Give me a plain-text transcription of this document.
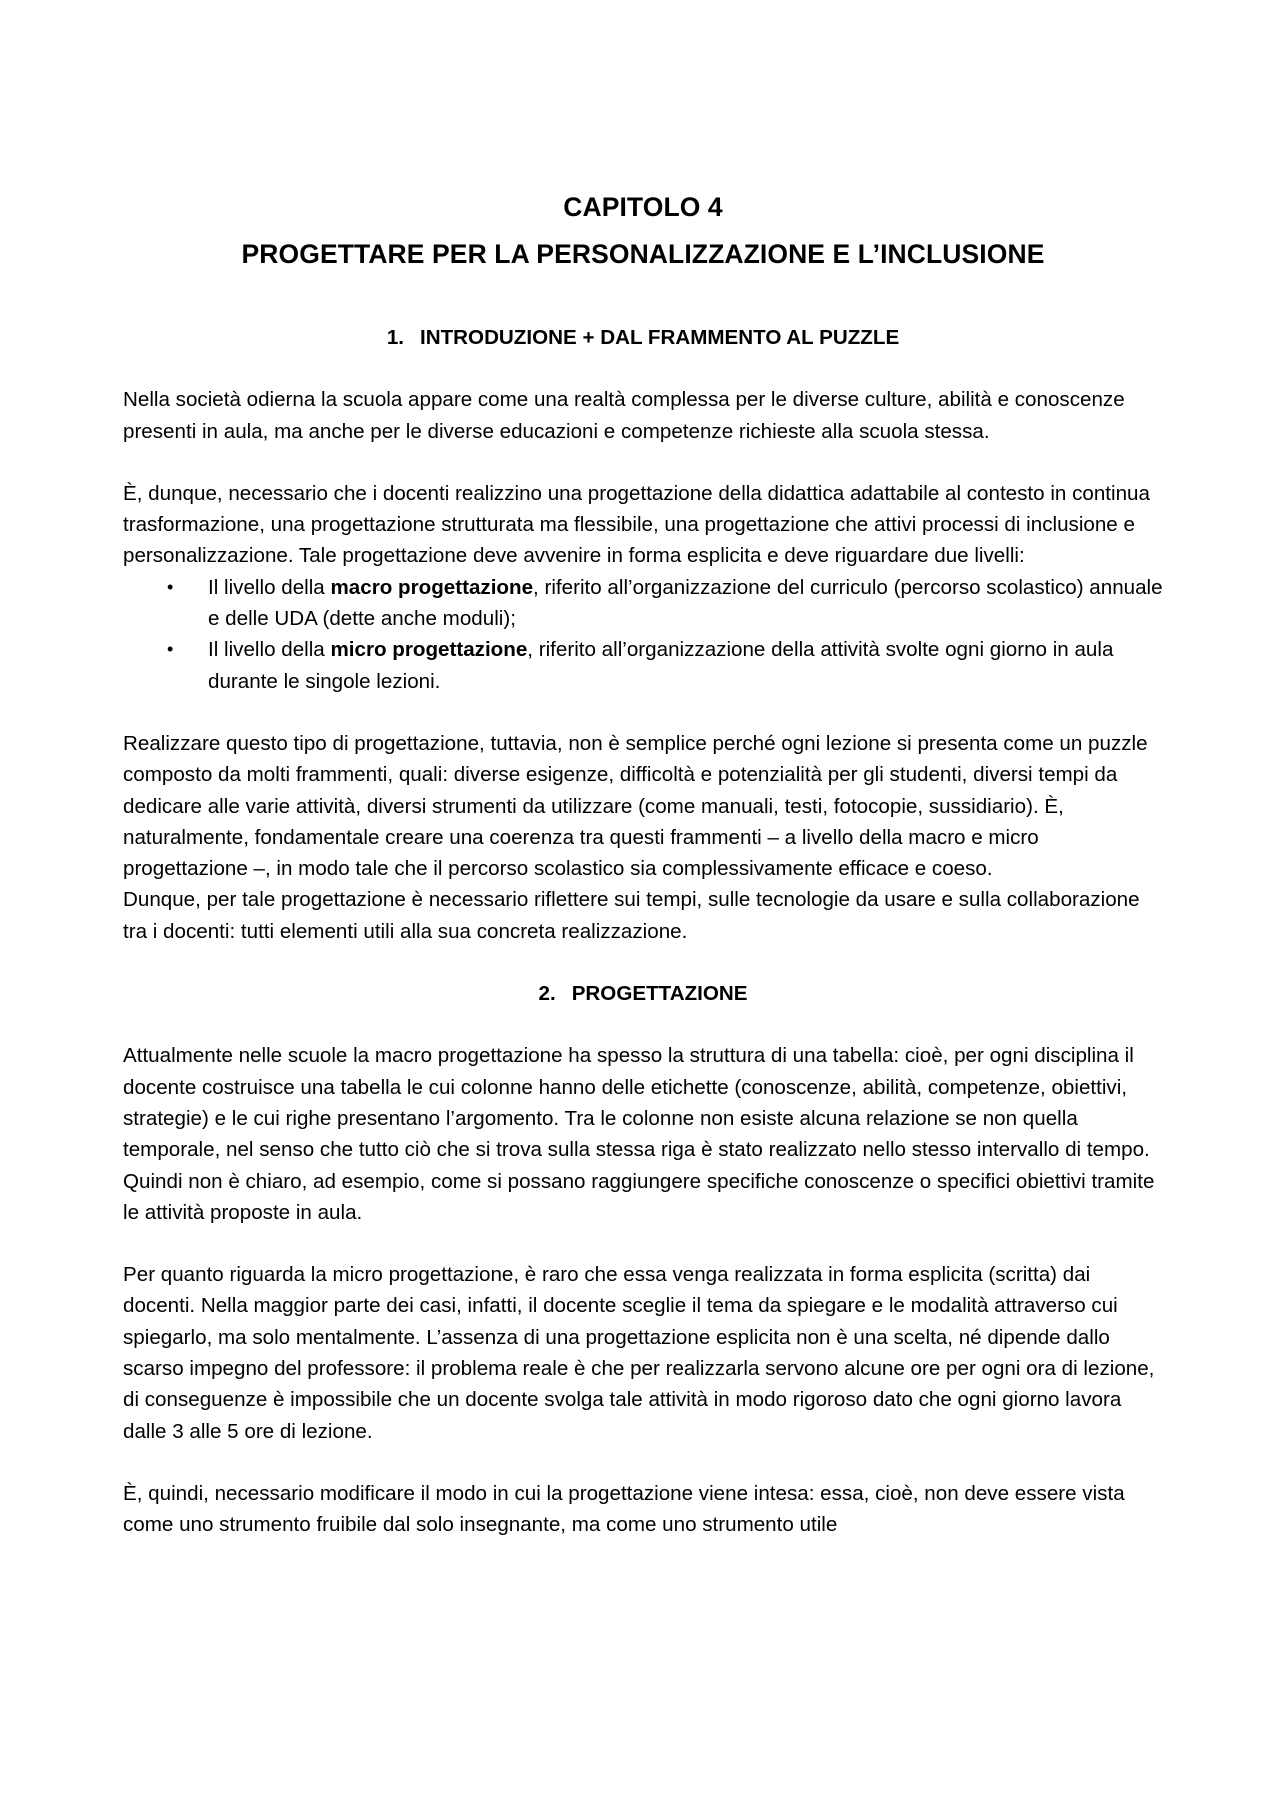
CAPITOLO 4
PROGETTARE PER LA PERSONALIZZAZIONE E L’INCLUSIONE
1. INTRODUZIONE + DAL FRAMMENTO AL PUZZLE

Nella società odierna la scuola appare come una realtà complessa per le diverse culture, abilità e conoscenze presenti in aula, ma anche per le diverse educazioni e competenze richieste alla scuola stessa.

È, dunque, necessario che i docenti realizzino una progettazione della didattica adattabile al contesto in continua trasformazione, una progettazione strutturata ma flessibile, una progettazione che attivi processi di inclusione e personalizzazione. Tale progettazione deve avvenire in forma esplicita e deve riguardare due livelli:

• Il livello della macro progettazione, riferito all’organizzazione del curriculo (percorso scolastico) annuale e delle UDA (dette anche moduli);
• Il livello della micro progettazione, riferito all’organizzazione della attività svolte ogni giorno in aula durante le singole lezioni.

Realizzare questo tipo di progettazione, tuttavia, non è semplice perché ogni lezione si presenta come un puzzle composto da molti frammenti, quali: diverse esigenze, difficoltà e potenzialità per gli studenti, diversi tempi da dedicare alle varie attività, diversi strumenti da utilizzare (come manuali, testi, fotocopie, sussidiario). È, naturalmente, fondamentale creare una coerenza tra questi frammenti – a livello della macro e micro progettazione –, in modo tale che il percorso scolastico sia complessivamente efficace e coeso.

Dunque, per tale progettazione è necessario riflettere sui tempi, sulle tecnologie da usare e sulla collaborazione tra i docenti: tutti elementi utili alla sua concreta realizzazione.

2. PROGETTAZIONE

Attualmente nelle scuole la macro progettazione ha spesso la struttura di una tabella: cioè, per ogni disciplina il docente costruisce una tabella le cui colonne hanno delle etichette (conoscenze, abilità, competenze, obiettivi, strategie) e le cui righe presentano l’argomento. Tra le colonne non esiste alcuna relazione se non quella temporale, nel senso che tutto ciò che si trova sulla stessa riga è stato realizzato nello stesso intervallo di tempo. Quindi non è chiaro, ad esempio, come si possano raggiungere specifiche conoscenze o specifici obiettivi tramite le attività proposte in aula.

Per quanto riguarda la micro progettazione, è raro che essa venga realizzata in forma esplicita (scritta) dai docenti. Nella maggior parte dei casi, infatti, il docente sceglie il tema da spiegare e le modalità attraverso cui spiegarlo, ma solo mentalmente. L’assenza di una progettazione esplicita non è una scelta, né dipende dallo scarso impegno del professore: il problema reale è che per realizzarla servono alcune ore per ogni ora di lezione, di conseguenze è impossibile che un docente svolga tale attività in modo rigoroso dato che ogni giorno lavora dalle 3 alle 5 ore di lezione.

È, quindi, necessario modificare il modo in cui la progettazione viene intesa: essa, cioè, non deve essere vista come uno strumento fruibile dal solo insegnante, ma come uno strumento utile
